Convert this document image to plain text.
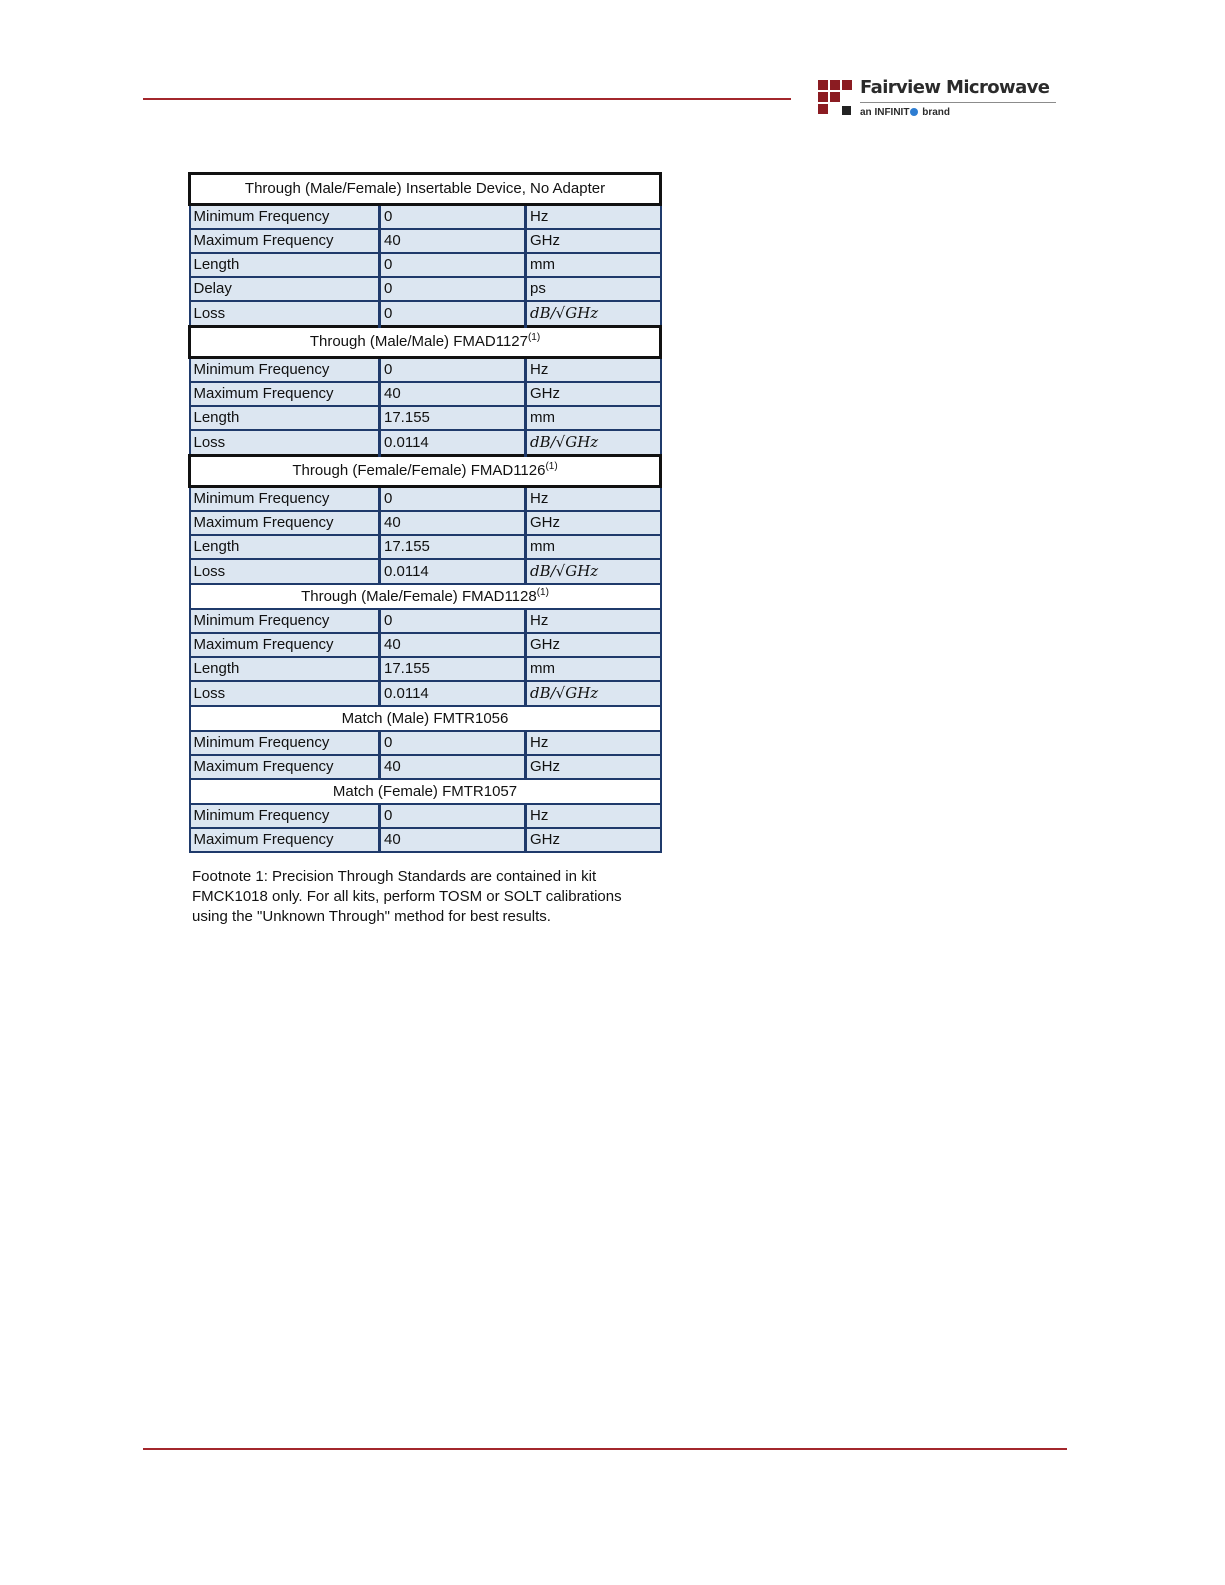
Fairview Microwave
an INFINIT brand
Through (Male/Female) Insertable Device, No Adapter		
Minimum Frequency	0	Hz
Maximum Frequency	40	GHz
Length	0	mm
Delay	0	ps
Loss	0	dB/√GHz
Through (Male/Male) FMAD1127$^{(1)}$
Minimum Frequency	0	Hz
Maximum Frequency	40	GHz
Length	17.155	mm
Loss	0.0114	dB/√GHz
Through (Female/Female) FMAD1126$^{(1)}$
Minimum Frequency	0	Hz
Maximum Frequency	40	GHz
Length	17.155	mm
Loss	0.0114	dB/√GHz
Through (Male/Female) FMAD1128$^{(1)}$
Minimum Frequency	0	Hz
Maximum Frequency	40	GHz
Length	17.155	mm
Loss	0.0114	dB/√GHz
Match (Male) FMTR1056		
Minimum Frequency	0	Hz
Maximum Frequency	40	GHz
Match (Female) FMTR1057		
Minimum Frequency	0	Hz
Maximum Frequency	40	GHz
Footnote 1: Precision Through Standards are contained in kit FMCK1018 only. For all kits, perform TOSM or SOLT calibrations using the "Unknown Through" method for best results.
